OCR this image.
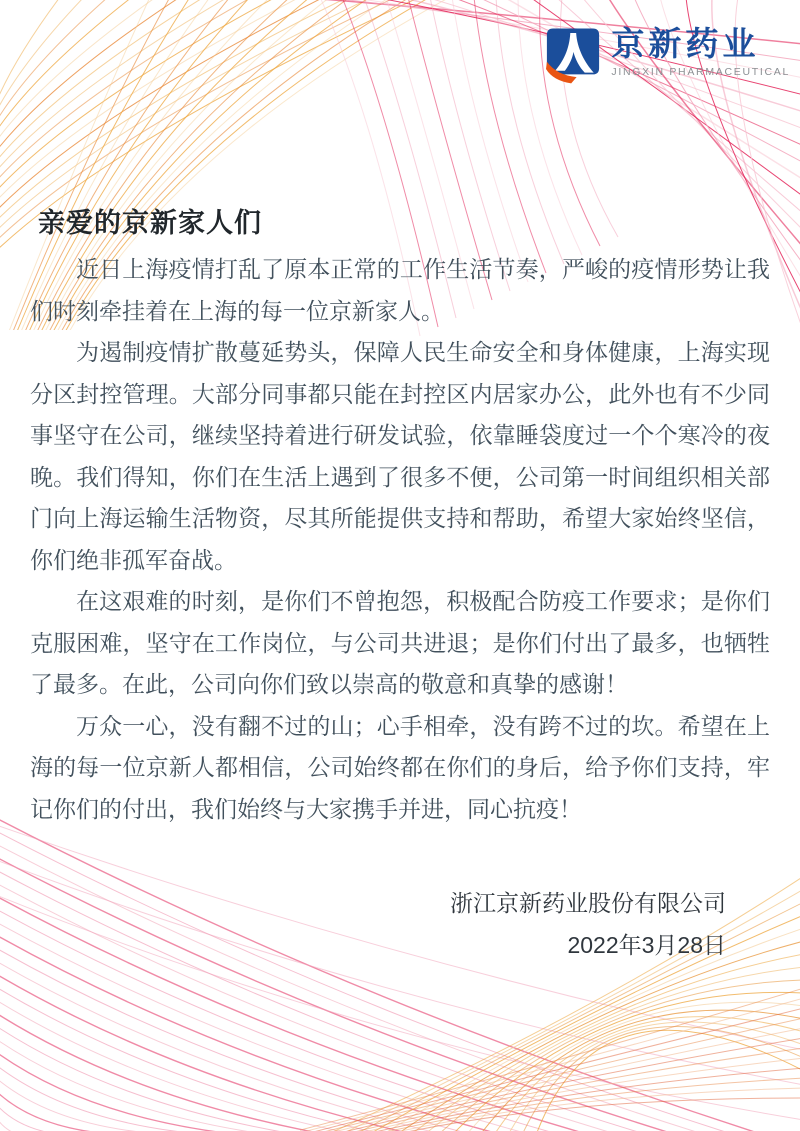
京新药业
JINGXIN PHARMACEUTICAL
亲爱的京新家人们

近日上海疫情打乱了原本正常的工作生活节奏，严峻的疫情形势让我们时刻牵挂着在上海的每一位京新家人。

为遏制疫情扩散蔓延势头，保障人民生命安全和身体健康，上海实现分区封控管理。大部分同事都只能在封控区内居家办公，此外也有不少同事坚守在公司，继续坚持着进行研发试验，依靠睡袋度过一个个寒冷的夜晚。我们得知，你们在生活上遇到了很多不便，公司第一时间组织相关部门向上海运输生活物资，尽其所能提供支持和帮助，希望大家始终坚信，你们绝非孤军奋战。

在这艰难的时刻，是你们不曾抱怨，积极配合防疫工作要求；是你们克服困难，坚守在工作岗位，与公司共进退；是你们付出了最多，也牺牲了最多。在此，公司向你们致以崇高的敬意和真挚的感谢！

万众一心，没有翻不过的山；心手相牵，没有跨不过的坎。希望在上海的每一位京新人都相信，公司始终都在你们的身后，给予你们支持，牢记你们的付出，我们始终与大家携手并进，同心抗疫！

浙江京新药业股份有限公司
2022年3月28日
